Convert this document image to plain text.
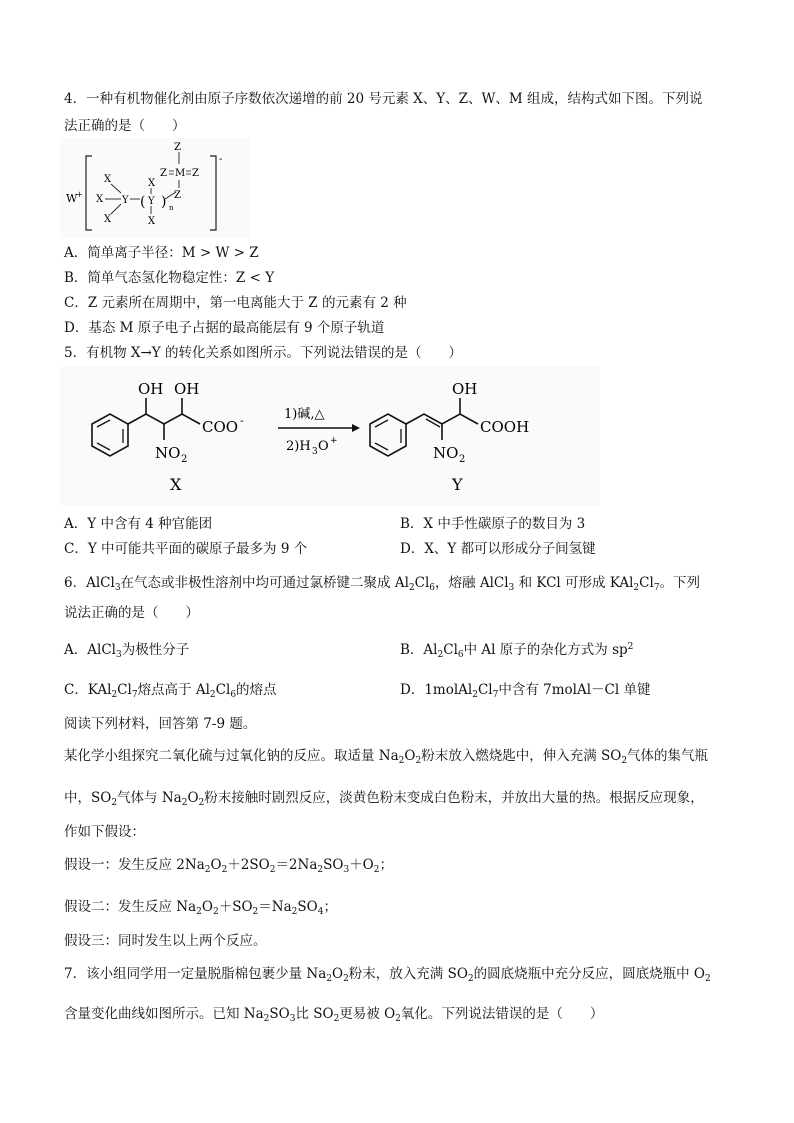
4．一种有机物催化剂由原子序数依次递增的前 20 号元素 X、Y、Z、W、M 组成，结构式如下图。下列说
法正确的是（　　）
W
+
-
X
X
X
Y (
X
Y
X
) n
Z
Z
Z M Z
A．简单离子半径：M > W > Z
B．简单气态氢化物稳定性：Z < Y
C．Z 元素所在周期中，第一电离能大于 Z 的元素有 2 种
D．基态 M 原子电子占据的最高能层有 9 个原子轨道
5．有机物 X→Y 的转化关系如图所示。下列说法错误的是（　　）
OH OH
NO 2
COO -
X
1)碱,△
2)H 3 O +
OH
NO 2
COOH
Y
A．Y 中含有 4 种官能团	B．X 中手性碳原子的数目为 3
C．Y 中可能共平面的碳原子最多为 9 个	D．X、Y 都可以形成分子间氢键
6．AlCl$_3$在气态或非极性溶剂中均可通过氯桥键二聚成 $Al_2Cl_6$，熔融 AlCl$_3$ 和 KCl 可形成 $KAl_2Cl_7$。下列
说法正确的是（　　）
A．AlCl$_3$为极性分子	B．$Al_2Cl_6$中 Al 原子的杂化方式为 $sp^2$
C．$KAl_2Cl_7$熔点高于 $Al_2Cl_6$的熔点	D．$1molAl_2Cl_7$中含有 7molAl－Cl 单键
阅读下列材料，回答第 7-9 题。
某化学小组探究二氧化硫与过氧化钠的反应。取适量 $Na_2O_2$粉末放入燃烧匙中，伸入充满 $SO_2$气体的集气瓶
中，$SO_2$气体与 $Na_2O_2$粉末接触时剧烈反应，淡黄色粉末变成白色粉末，并放出大量的热。根据反应现象，
作如下假设：
假设一：发生反应 $2Na_2O_2+2SO_2=2Na_2SO_3+O_2$；
假设二：发生反应 $Na_2O_2+SO_2=Na_2SO_4$；
假设三：同时发生以上两个反应。
7．该小组同学用一定量脱脂棉包裹少量 $Na_2O_2$粉末，放入充满 $SO_2$的圆底烧瓶中充分反应，圆底烧瓶中 $O_2$
含量变化曲线如图所示。已知 $Na_2SO_3$比 $SO_2$更易被 $O_2$氧化。下列说法错误的是（　　）
